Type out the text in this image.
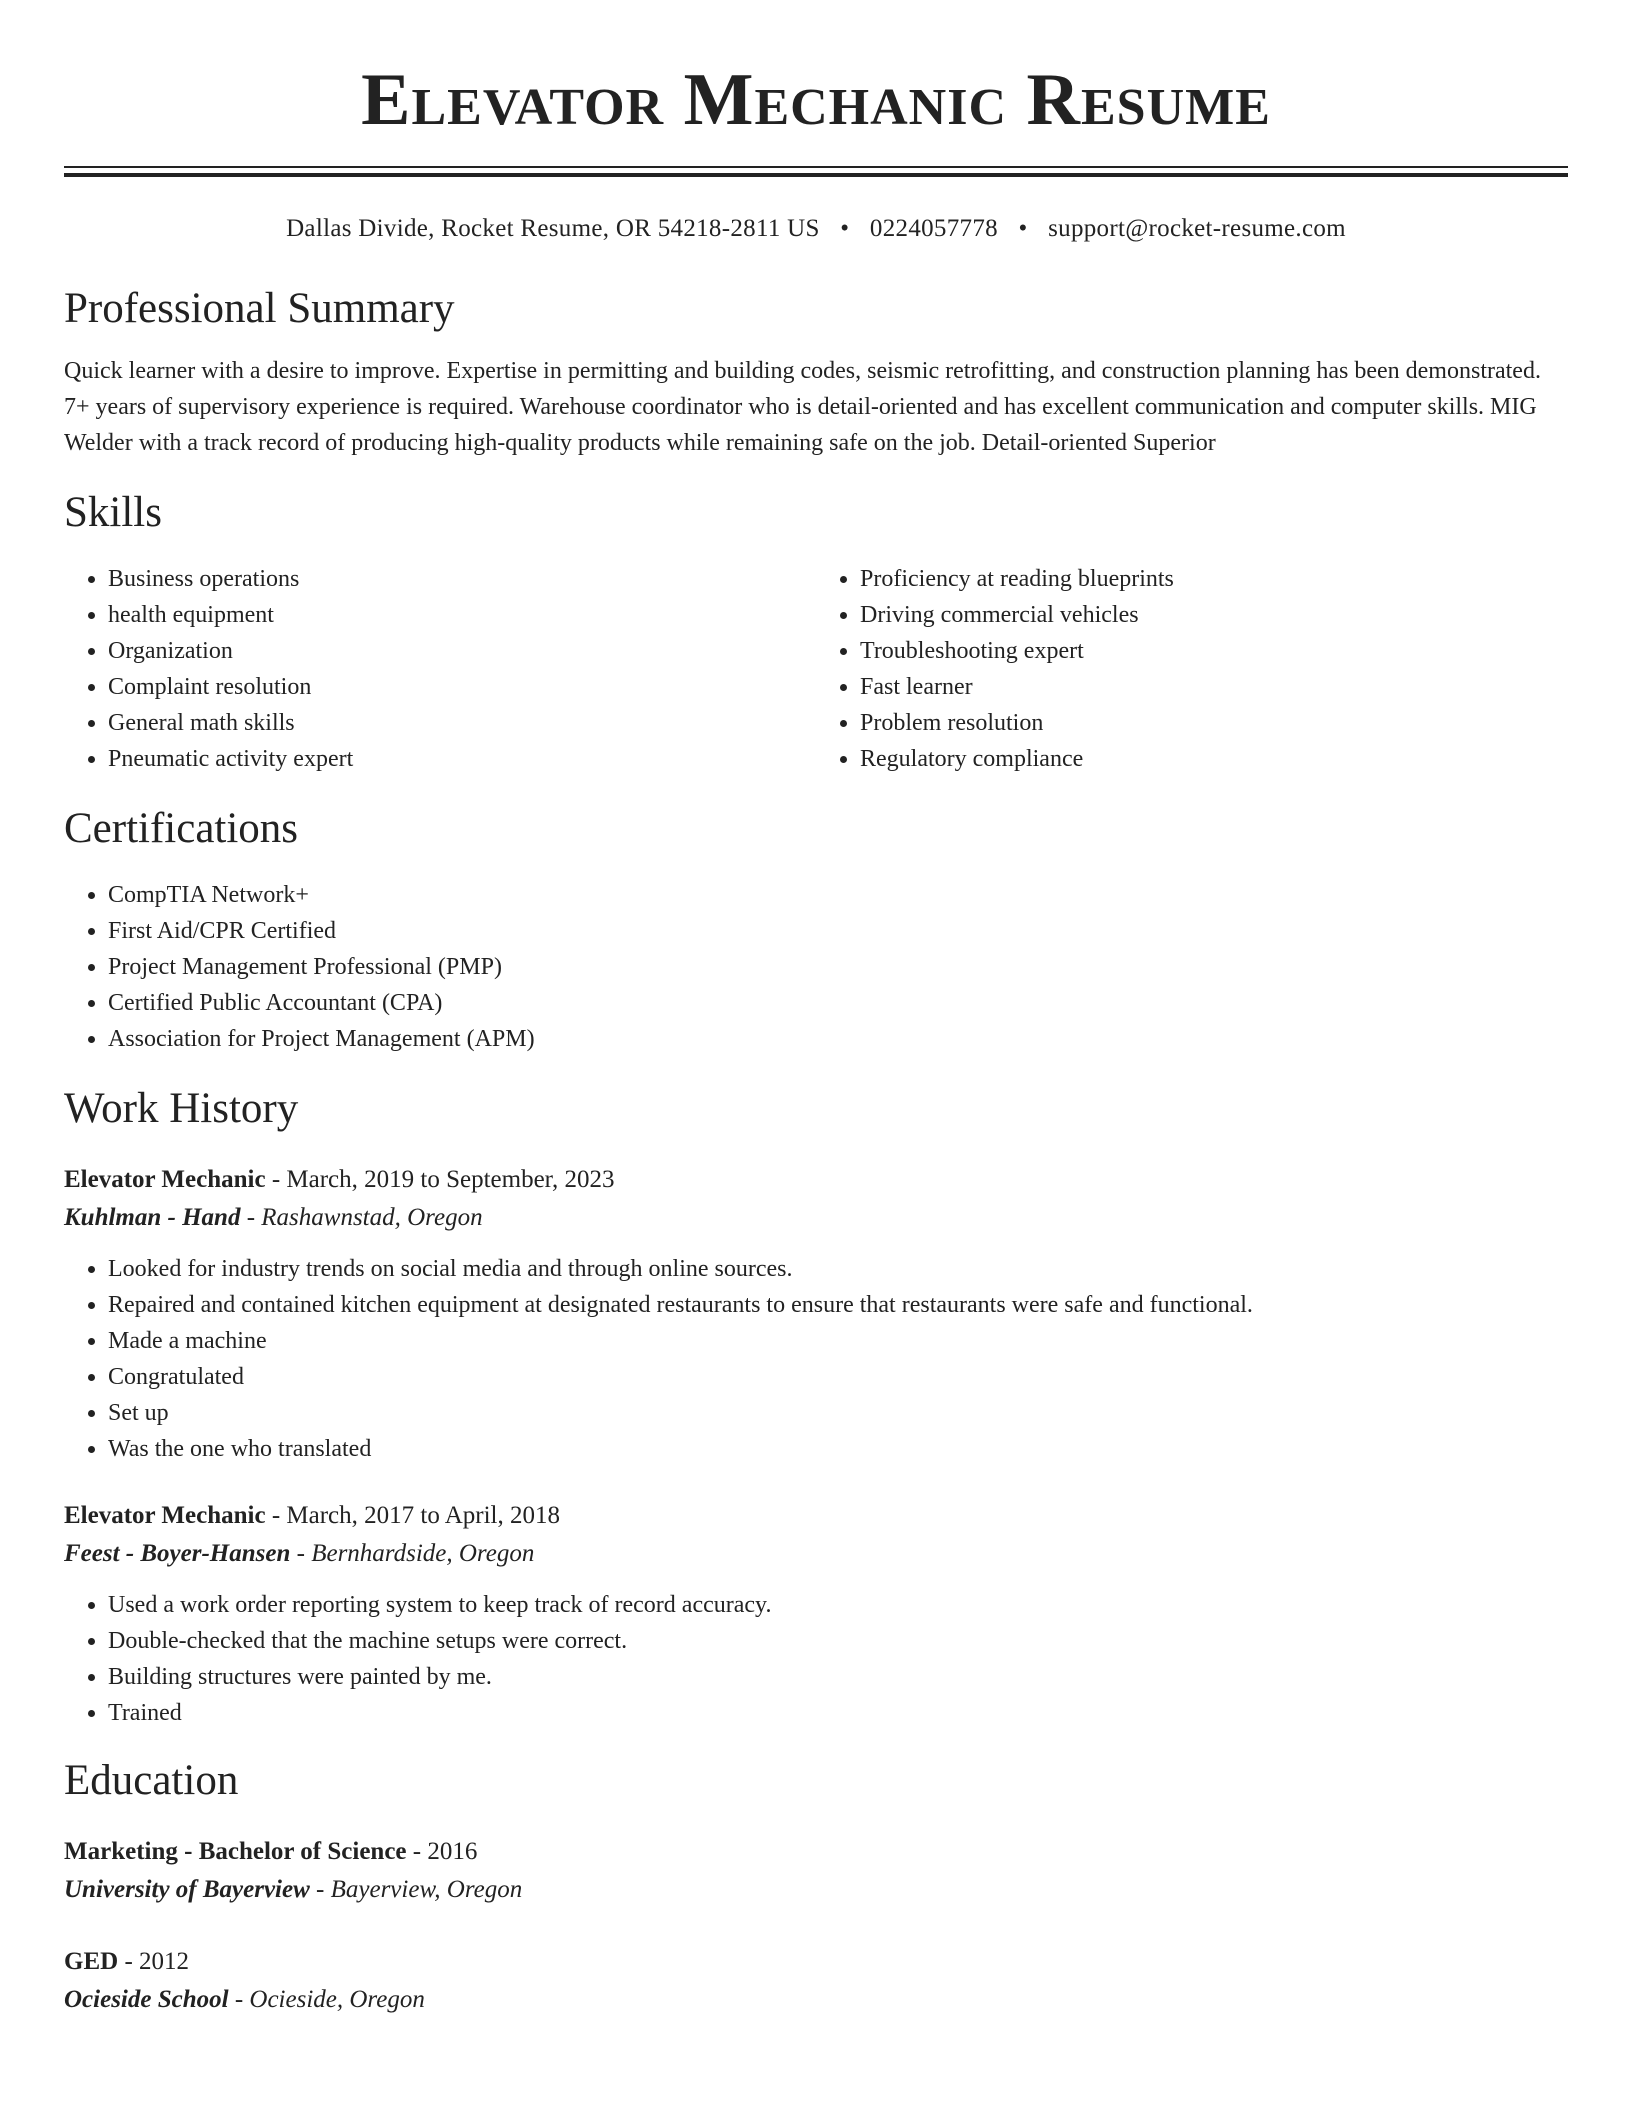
Elevator Mechanic Resume
Dallas Divide, Rocket Resume, OR 54218-2811 US • 0224057778 • support@rocket-resume.com
Professional Summary
Quick learner with a desire to improve. Expertise in permitting and building codes, seismic retrofitting, and construction planning has been demonstrated. 7+ years of supervisory experience is required. Warehouse coordinator who is detail-oriented and has excellent communication and computer skills. MIG Welder with a track record of producing high-quality products while remaining safe on the job. Detail-oriented Superior
Skills
• Business operations
• health equipment
• Organization
• Complaint resolution
• General math skills
• Pneumatic activity expert
• Proficiency at reading blueprints
• Driving commercial vehicles
• Troubleshooting expert
• Fast learner
• Problem resolution
• Regulatory compliance
Certifications
• CompTIA Network+
• First Aid/CPR Certified
• Project Management Professional (PMP)
• Certified Public Accountant (CPA)
• Association for Project Management (APM)
Work History
Elevator Mechanic - March, 2019 to September, 2023
Kuhlman - Hand - Rashawnstad, Oregon
• Looked for industry trends on social media and through online sources.
• Repaired and contained kitchen equipment at designated restaurants to ensure that restaurants were safe and functional.
• Made a machine
• Congratulated
• Set up
• Was the one who translated
Elevator Mechanic - March, 2017 to April, 2018
Feest - Boyer-Hansen - Bernhardside, Oregon
• Used a work order reporting system to keep track of record accuracy.
• Double-checked that the machine setups were correct.
• Building structures were painted by me.
• Trained
Education
Marketing - Bachelor of Science - 2016
University of Bayerview - Bayerview, Oregon
GED - 2012
Ocieside School - Ocieside, Oregon
